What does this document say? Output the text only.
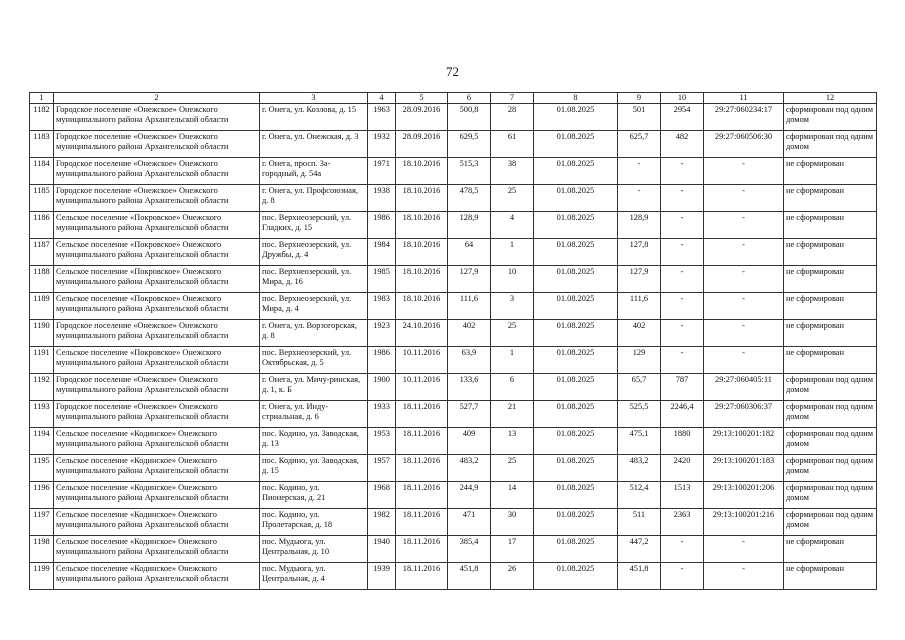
72
1	2	3	4	5	6	7	8	9	10	11	12
1182	Городское поселение «Онежское» Онежского муниципального района Архангельской области	г. Онега, ул. Козлова, д. 15	1963	28.09.2016	500,8	28	01.08.2025	501	2954	29:27:060234:17	сформирован под одним домом
1183	Городское поселение «Онежское» Онежского муниципального района Архангельской области	г. Онега, ул. Онежская, д. 3	1932	28.09.2016	629,5	61	01.08.2025	625,7	482	29:27:060506:30	сформирован под одним домом
1184	Городское поселение «Онежское» Онежского муниципального района Архангельской области	г. Онега, просп. За-городный, д. 54а	1971	18.10.2016	515,3	38	01.08.2025	-	-	-	не сформирован
1185	Городское поселение «Онежское» Онежского муниципального района Архангельской области	г. Онега, ул. Профсоюзная, д. 8	1938	18.10.2016	478,5	25	01.08.2025	-	-	-	не сформирован
1186	Сельское поселение «Покровское» Онежского муниципального района Архангельской области	пос. Верхнеозерский, ул. Гладких, д. 15	1986	18.10.2016	128,9	4	01.08.2025	128,9	-	-	не сформирован
1187	Сельское поселение «Покровское» Онежского муниципального района Архангельской области	пос. Верхнеозерский, ул. Дружбы, д. 4	1984	18.10.2016	64	1	01.08.2025	127,8	-	-	не сформирован
1188	Сельское поселение «Покровское» Онежского муниципального района Архангельской области	пос. Верхнеозерский, ул. Мира, д. 16	1985	18.10.2016	127,9	10	01.08.2025	127,9	-	-	не сформирован
1189	Сельское поселение «Покровское» Онежского муниципального района Архангельской области	пос. Верхнеозерский, ул. Мира, д. 4	1983	18.10.2016	111,6	3	01.08.2025	111,6	-	-	не сформирован
1190	Городское поселение «Онежское» Онежского муниципального района Архангельской области	г. Онега, ул. Ворзогорская, д. 8	1923	24.10.2016	402	25	01.08.2025	402	-	-	не сформирован
1191	Сельское поселение «Покровское» Онежского муниципального района Архангельской области	пос. Верхнеозерский, ул. Октябрьская, д. 5	1986	10.11.2016	63,9	1	01.08.2025	129	-	-	не сформирован
1192	Городское поселение «Онежское» Онежского муниципального района Архангельской области	г. Онега, ул. Мичу-ринская, д. 1, к. Б	1900	10.11.2016	133,6	6	01.08.2025	65,7	787	29:27:060405:11	сформирован под одним домом
1193	Городское поселение «Онежское» Онежского муниципального района Архангельской области	г. Онега, ул. Инду-стриальная, д. 6	1933	18.11.2016	527,7	21	01.08.2025	525,5	2246,4	29:27:060306:37	сформирован под одним домом
1194	Сельское поселение «Кодинское» Онежского муниципального района Архангельской области	пос. Кодино, ул. Заводская, д. 13	1953	18.11.2016	409	13	01.08.2025	475,1	1880	29:13:100201:182	сформирован под одним домом
1195	Сельское поселение «Кодинское» Онежского муниципального района Архангельской области	пос. Кодино, ул. Заводская, д. 15	1957	18.11.2016	483,2	25	01.08.2025	483,2	2420	29:13:100201:183	сформирован под одним домом
1196	Сельское поселение «Кодинское» Онежского муниципального района Архангельской области	пос. Кодино, ул. Пионерская, д. 21	1968	18.11.2016	244,9	14	01.08.2025	512,4	1513	29:13:100201:206	сформирован под одним домом
1197	Сельское поселение «Кодинское» Онежского муниципального района Архангельской области	пос. Кодино, ул. Пролетарская, д. 18	1982	18.11.2016	471	30	01.08.2025	511	2363	29:13:100201:216	сформирован под одним домом
1198	Сельское поселение «Кодинское» Онежского муниципального района Архангельской области	пос. Мудьюга, ул. Центральная, д. 10	1940	18.11.2016	385,4	17	01.08.2025	447,2	-	-	не сформирован
1199	Сельское поселение «Кодинское» Онежского муниципального района Архангельской области	пос. Мудьюга, ул. Центральная, д. 4	1939	18.11.2016	451,8	26	01.08.2025	451,8	-	-	не сформирован
